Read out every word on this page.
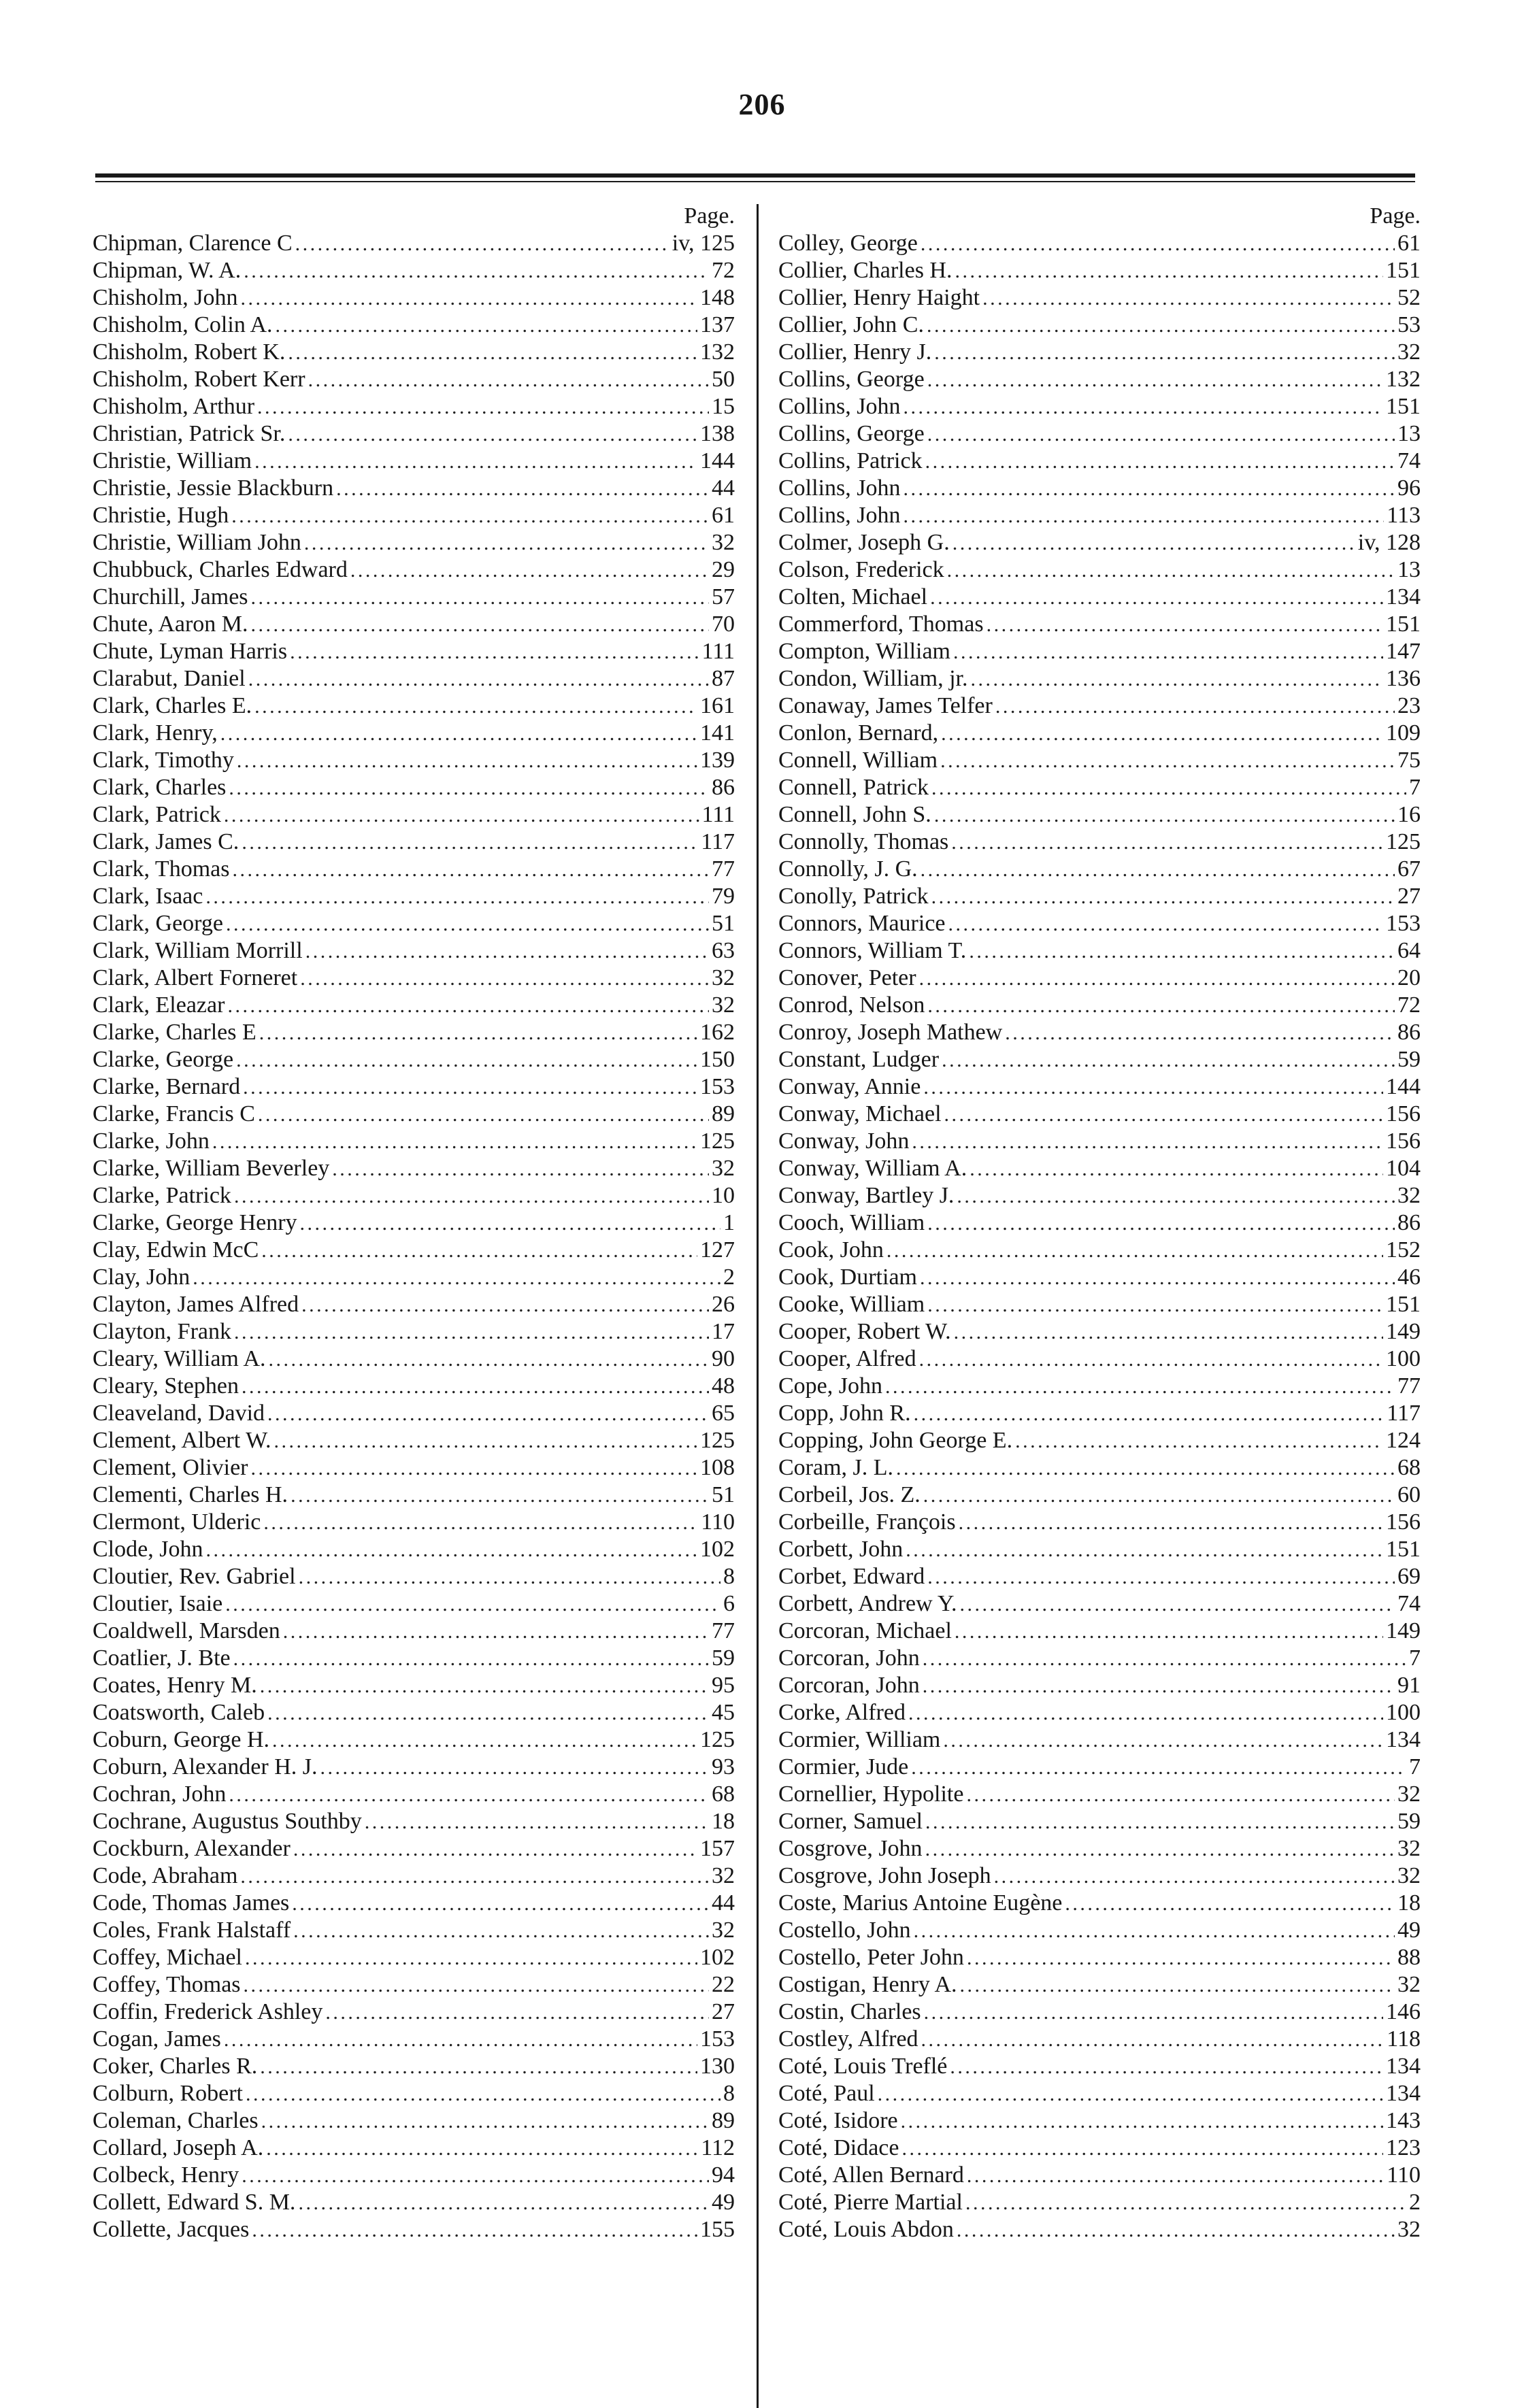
206
Page.
Chipman, Clarence C . . .	iv, 125
Chipman, W. A. . . .	72
Chisholm, John . . .	148
Chisholm, Colin A. . . .	137
Chisholm, Robert K. . . .	132
Chisholm, Robert Kerr . . .	50
Chisholm, Arthur . . .	15
Christian, Patrick Sr. . . .	138
Christie, William . . .	144
Christie, Jessie Blackburn . . .	44
Christie, Hugh . . .	61
Christie, William John . . .	32
Chubbuck, Charles Edward . . .	29
Churchill, James . . .	57
Chute, Aaron M. . . .	70
Chute, Lyman Harris . . .	111
Clarabut, Daniel . . .	87
Clark, Charles E. . . .	161
Clark, Henry, . . .	141
Clark, Timothy . . .	139
Clark, Charles . . .	86
Clark, Patrick . . .	111
Clark, James C. . . .	117
Clark, Thomas . . .	77
Clark, Isaac . . .	79
Clark, George . . .	51
Clark, William Morrill . . .	63
Clark, Albert Forneret . . .	32
Clark, Eleazar . . .	32
Clarke, Charles E . . .	162
Clarke, George . . .	150
Clarke, Bernard . . .	153
Clarke, Francis C . . .	89
Clarke, John . . .	125
Clarke, William Beverley . . .	32
Clarke, Patrick . . .	10
Clarke, George Henry . . .	1
Clay, Edwin McC . . .	127
Clay, John . . .	2
Clayton, James Alfred . . .	26
Clayton, Frank . . .	17
Cleary, William A. . . .	90
Cleary, Stephen . . .	48
Cleaveland, David . . .	65
Clement, Albert W. . . .	125
Clement, Olivier . . .	108
Clementi, Charles H. . . .	51
Clermont, Ulderic . . .	110
Clode, John . . .	102
Cloutier, Rev. Gabriel . . .	8
Cloutier, Isaie . . .	6
Coaldwell, Marsden . . .	77
Coatlier, J. Bte . . .	59
Coates, Henry M. . . .	95
Coatsworth, Caleb . . .	45
Coburn, George H. . . .	125
Coburn, Alexander H. J. . . .	93
Cochran, John . . .	68
Cochrane, Augustus Southby . . .	18
Cockburn, Alexander . . .	157
Code, Abraham . . .	32
Code, Thomas James . . .	44
Coles, Frank Halstaff . . .	32
Coffey, Michael . . .	102
Coffey, Thomas . . .	22
Coffin, Frederick Ashley . . .	27
Cogan, James . . .	153
Coker, Charles R. . . .	130
Colburn, Robert . . .	8
Coleman, Charles . . .	89
Collard, Joseph A. . . .	112
Colbeck, Henry . . .	94
Collett, Edward S. M. . . .	49
Collette, Jacques . . .	155
Page.
Colley, George . . .	61
Collier, Charles H. . . .	151
Collier, Henry Haight . . .	52
Collier, John C. . . .	53
Collier, Henry J. . . .	32
Collins, George . . .	132
Collins, John . . .	151
Collins, George . . .	13
Collins, Patrick . . .	74
Collins, John . . .	96
Collins, John . . .	113
Colmer, Joseph G. . . .	iv, 128
Colson, Frederick . . .	13
Colten, Michael . . .	134
Commerford, Thomas . . .	151
Compton, William . . .	147
Condon, William, jr. . . .	136
Conaway, James Telfer . . .	23
Conlon, Bernard, . . .	109
Connell, William . . .	75
Connell, Patrick . . .	7
Connell, John S. . . .	16
Connolly, Thomas . . .	125
Connolly, J. G. . . .	67
Conolly, Patrick . . .	27
Connors, Maurice . . .	153
Connors, William T. . . .	64
Conover, Peter . . .	20
Conrod, Nelson . . .	72
Conroy, Joseph Mathew . . .	86
Constant, Ludger . . .	59
Conway, Annie . . .	144
Conway, Michael . . .	156
Conway, John . . .	156
Conway, William A. . . .	104
Conway, Bartley J. . . .	32
Cooch, William . . .	86
Cook, John . . .	152
Cook, Durtiam . . .	46
Cooke, William . . .	151
Cooper, Robert W. . . .	149
Cooper, Alfred . . .	100
Cope, John . . .	77
Copp, John R. . . .	117
Copping, John George E. . . .	124
Coram, J. L. . . .	68
Corbeil, Jos. Z. . . .	60
Corbeille, François . . .	156
Corbett, John . . .	151
Corbet, Edward . . .	69
Corbett, Andrew Y. . . .	74
Corcoran, Michael . . .	149
Corcoran, John . . .	7
Corcoran, John . . .	91
Corke, Alfred . . .	100
Cormier, William . . .	134
Cormier, Jude . . .	7
Cornellier, Hypolite . . .	32
Corner, Samuel . . .	59
Cosgrove, John . . .	32
Cosgrove, John Joseph . . .	32
Coste, Marius Antoine Eugène . . .	18
Costello, John . . .	49
Costello, Peter John . . .	88
Costigan, Henry A. . . .	32
Costin, Charles . . .	146
Costley, Alfred . . .	118
Coté, Louis Treflé . . .	134
Coté, Paul . . .	134
Coté, Isidore . . .	143
Coté, Didace . . .	123
Coté, Allen Bernard . . .	110
Coté, Pierre Martial . . .	2
Coté, Louis Abdon . . .	32
